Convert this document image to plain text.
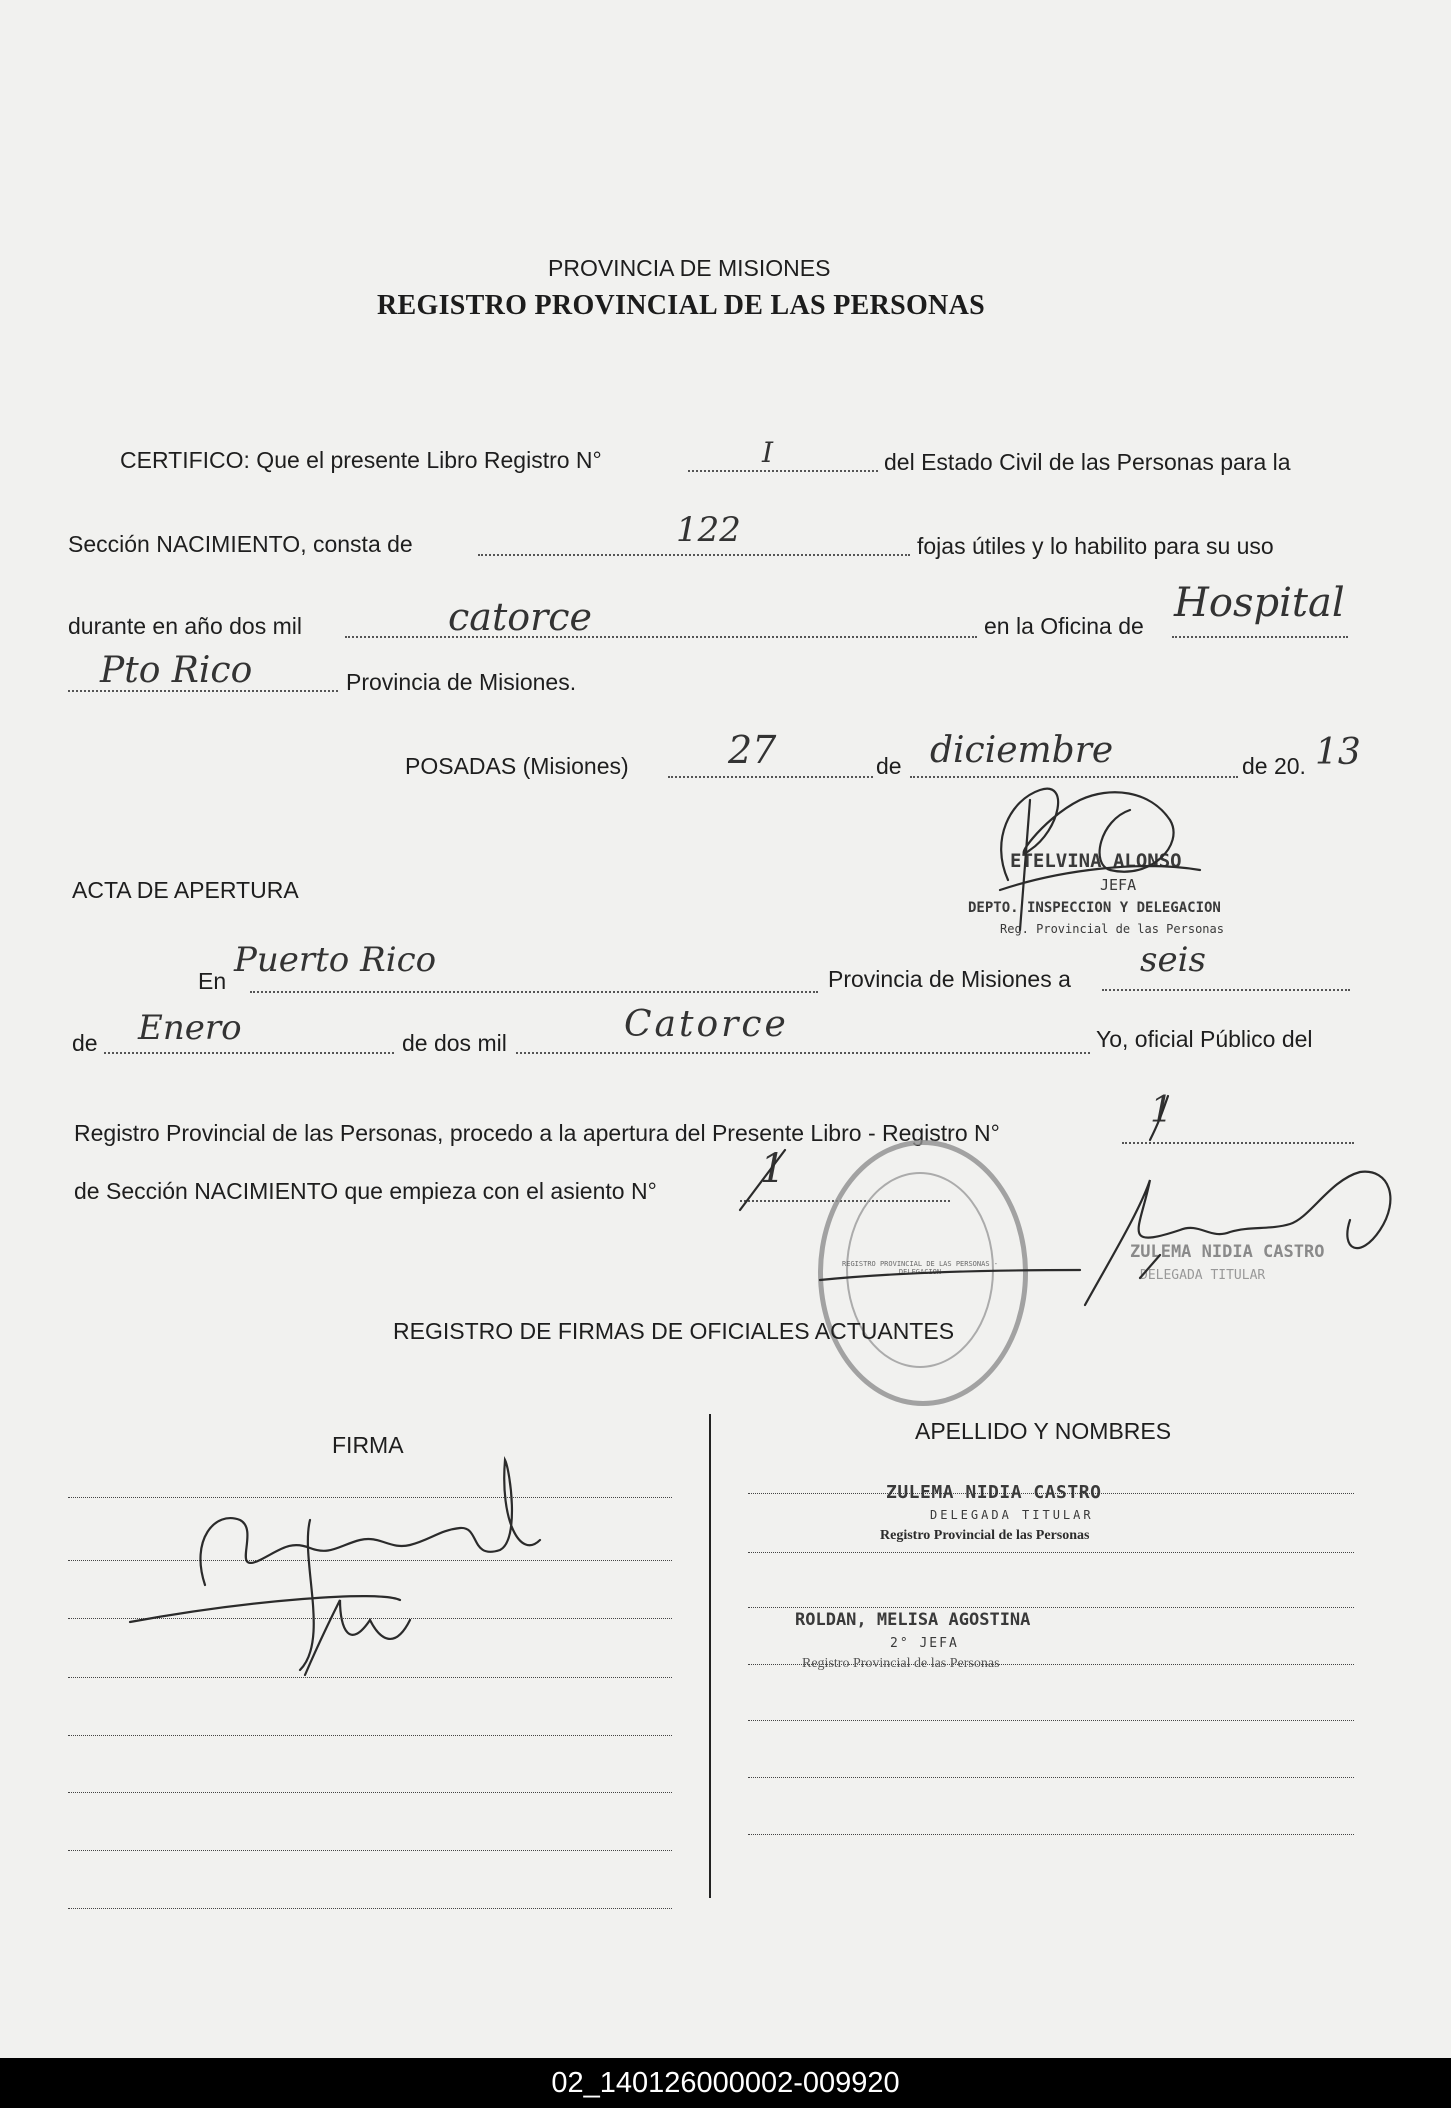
PROVINCIA DE MISIONES
REGISTRO PROVINCIAL DE LAS PERSONAS
CERTIFICO: Que el presente Libro Registro N°	I	del Estado Civil de las Personas para la
Sección NACIMIENTO, consta de	122	fojas útiles y lo habilito para su uso
durante en año dos mil	catorce	en la Oficina de Hospital
Pto Rico	Provincia de Misiones.
POSADAS (Misiones)	27	de diciembre	de 20. 13
ETELVINA ALONSO
JEFA
DEPTO. INSPECCION Y DELEGACION
Reg. Provincial de las Personas
ACTA DE APERTURA
En
Puerto Rico	Provincia de Misiones a seis
de Enero	de dos mil	Catorce	Yo, oficial Público del
Registro Provincial de las Personas, procedo a la apertura del Presente Libro - Registro N°
1
de Sección NACIMIENTO que empieza con el asiento N°	1
ZULEMA NIDIA CASTRO
DELEGADA TITULAR
REGISTRO PROVINCIAL DE LAS PERSONAS - DELEGACION
REGISTRO DE FIRMAS DE OFICIALES ACTUANTES
FIRMA
APELLIDO Y NOMBRES
ZULEMA NIDIA CASTRO
DELEGADA TITULAR
Registro Provincial de las Personas
ROLDAN, MELISA AGOSTINA
2° JEFA
Registro Provincial de las Personas
02_140126000002-009920
